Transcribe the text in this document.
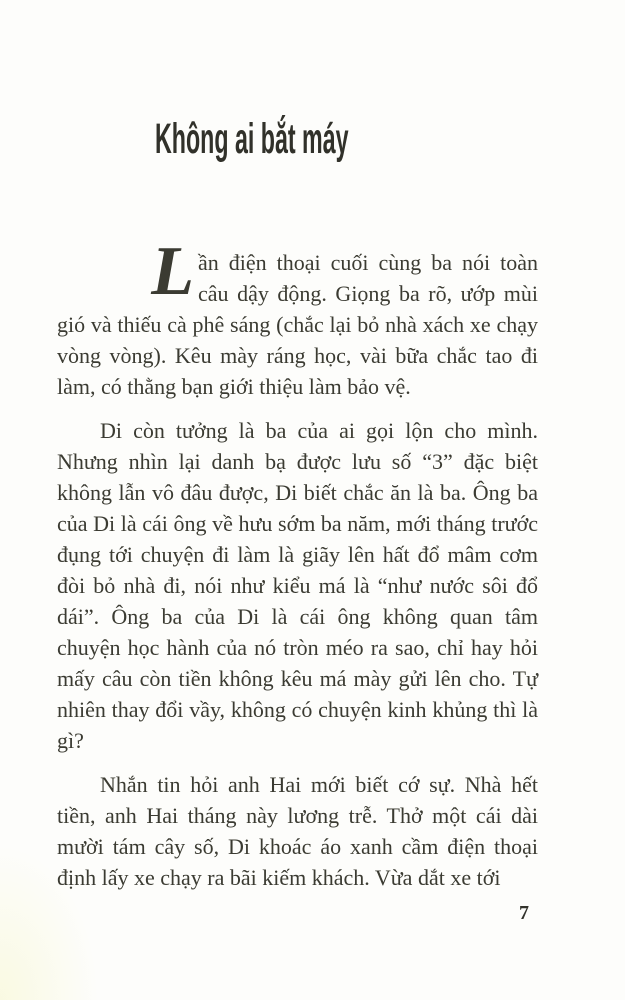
Không ai bắt máy

L ần điện thoại cuối cùng ba nói toàn câu dậy động. Giọng ba rõ, ướp mùi gió và thiếu cà phê sáng (chắc lại bỏ nhà xách xe chạy vòng vòng). Kêu mày ráng học, vài bữa chắc tao đi làm, có thằng bạn giới thiệu làm bảo vệ.

Di còn tưởng là ba của ai gọi lộn cho mình. Nhưng nhìn lại danh bạ được lưu số “3” đặc biệt không lẫn vô đâu được, Di biết chắc ăn là ba. Ông ba của Di là cái ông về hưu sớm ba năm, mới tháng trước đụng tới chuyện đi làm là giãy lên hất đổ mâm cơm đòi bỏ nhà đi, nói như kiểu má là “như nước sôi đổ dái”. Ông ba của Di là cái ông không quan tâm chuyện học hành của nó tròn méo ra sao, chỉ hay hỏi mấy câu còn tiền không kêu má mày gửi lên cho. Tự nhiên thay đổi vầy, không có chuyện kinh khủng thì là gì?

Nhắn tin hỏi anh Hai mới biết cớ sự. Nhà hết tiền, anh Hai tháng này lương trễ. Thở một cái dài mười tám cây số, Di khoác áo xanh cầm điện thoại định lấy xe chạy ra bãi kiếm khách. Vừa dắt xe tới

7
